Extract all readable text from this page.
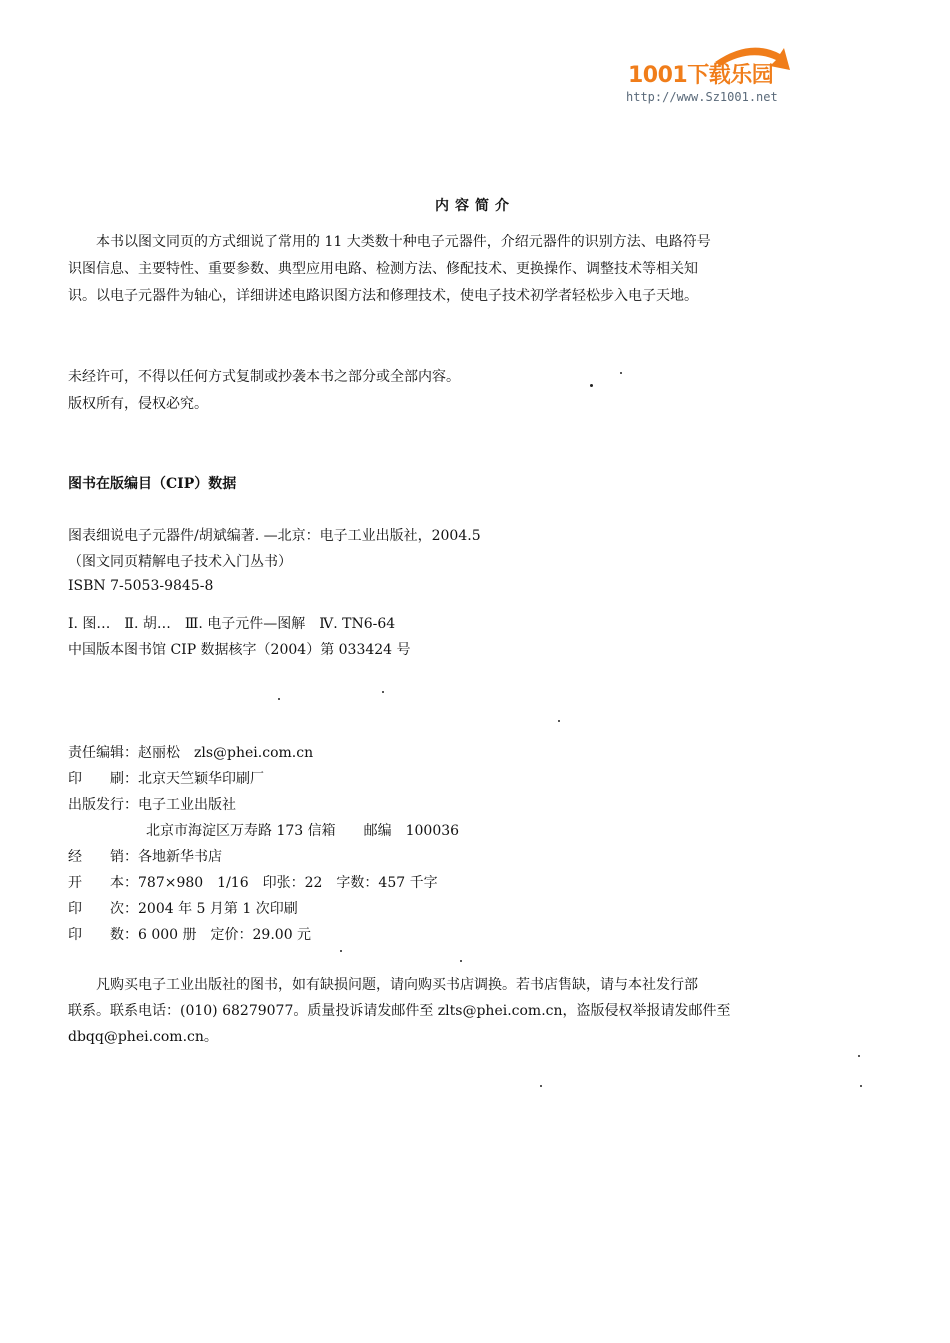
1001下载乐园
http://www.Sz1001.net
内容简介
　　本书以图文同页的方式细说了常用的 11 大类数十种电子元器件，介绍元器件的识别方法、电路符号
识图信息、主要特性、重要参数、典型应用电路、检测方法、修配技术、更换操作、调整技术等相关知
识。以电子元器件为轴心，详细讲述电路识图方法和修理技术，使电子技术初学者轻松步入电子天地。
未经许可，不得以任何方式复制或抄袭本书之部分或全部内容。
版权所有，侵权必究。
图书在版编目（CIP）数据
图表细说电子元器件/胡斌编著. —北京：电子工业出版社，2004.5
（图文同页精解电子技术入门丛书）
ISBN 7-5053-9845-8
Ⅰ. 图…　Ⅱ. 胡…　Ⅲ. 电子元件—图解　Ⅳ. TN6-64
中国版本图书馆 CIP 数据核字（2004）第 033424 号
责任编辑：赵丽松　zls@phei.com.cn
印　　刷：北京天竺颖华印刷厂
出版发行：电子工业出版社
北京市海淀区万寿路 173 信箱　　邮编　100036
经　　销：各地新华书店
开　　本：787×980　1/16　印张：22　字数：457 千字
印　　次：2004 年 5 月第 1 次印刷
印　　数：6 000 册　定价：29.00 元
　　凡购买电子工业出版社的图书，如有缺损问题，请向购买书店调换。若书店售缺，请与本社发行部
联系。联系电话：(010) 68279077。质量投诉请发邮件至 zlts@phei.com.cn，盗版侵权举报请发邮件至
dbqq@phei.com.cn。
